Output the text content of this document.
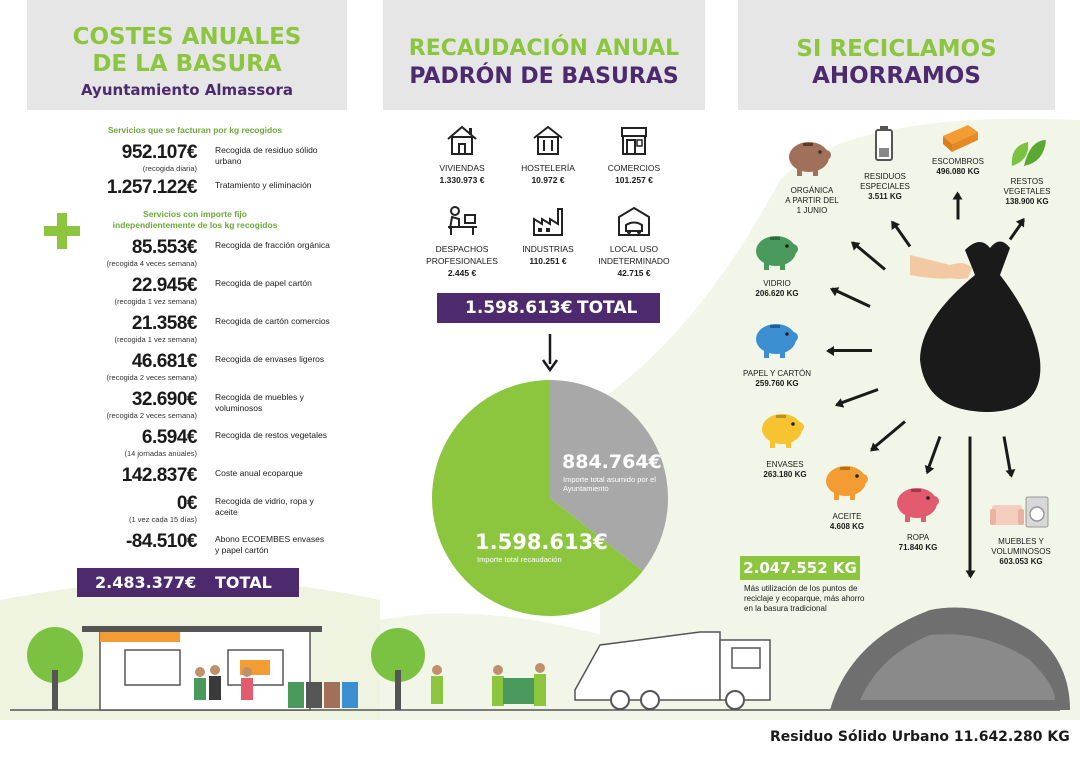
COSTES ANUALES
DE LA BASURA
Ayuntamiento Almassora
RECAUDACIÓN ANUAL
PADRÓN DE BASURAS
SI RECICLAMOS
AHORRAMOS
Servicios que se facturan por kg recogidos
952.107€
(recogida diaria)
Recogida de residuo sólido urbano
1.257.122€ Tratamiento y eliminación
Servicios con importe fijo
independientemente de los kg recogidos
85.553€
(recogida 4 veces semana)
Recogida de fracción orgánica
22.945€
(recogida 1 vez semana)
Recogida de papel cartón
21.358€
(recogida 1 vez semana)
Recogida de cartón comercios
46.681€
(recogida 2 veces semana)
Recogida de envases ligeros
32.690€
(recogida 2 veces semana)
Recogida de muebles y voluminosos
6.594€
(14 jornadas anuales)
Recogida de restos vegetales
142.837€ Coste anual ecoparque
0€
(1 vez cada 15 días)
Recogida de vidrio, ropa y aceite
-84.510€ Abono ECOEMBES envases y papel cartón
2.483.377€ TOTAL
VIVIENDAS
1.330.973 €
HOSTELERÍA
10.972 €
COMERCIOS
101.257 €
DESPACHOS PROFESIONALES
2.445 €
INDUSTRIAS
110.251 €
LOCAL USO INDETERMINADO
42.715 €
1.598.613€ TOTAL
884.764€
Importe total asumido por el Ayuntamiento
1.598.613€
Importe total recaudación
ORGÁNICA
A PARTIR DEL
1 JUNIO
RESIDUOS
ESPECIALES
3.511 KG
ESCOMBROS
496.080 KG
RESTOS
VEGETALES
138.900 KG
VIDRIO
206.620 KG
PAPEL Y CARTÓN
259.760 KG
ENVASES
263.180 KG
ACEITE
4.608 KG
ROPA
71.840 KG
MUEBLES Y
VOLUMINOSOS
603.053 KG
2.047.552 KG
Más utilización de los puntos de reciclaje y ecoparque, más ahorro en la basura tradicional
Residuo Sólido Urbano 11.642.280 KG
